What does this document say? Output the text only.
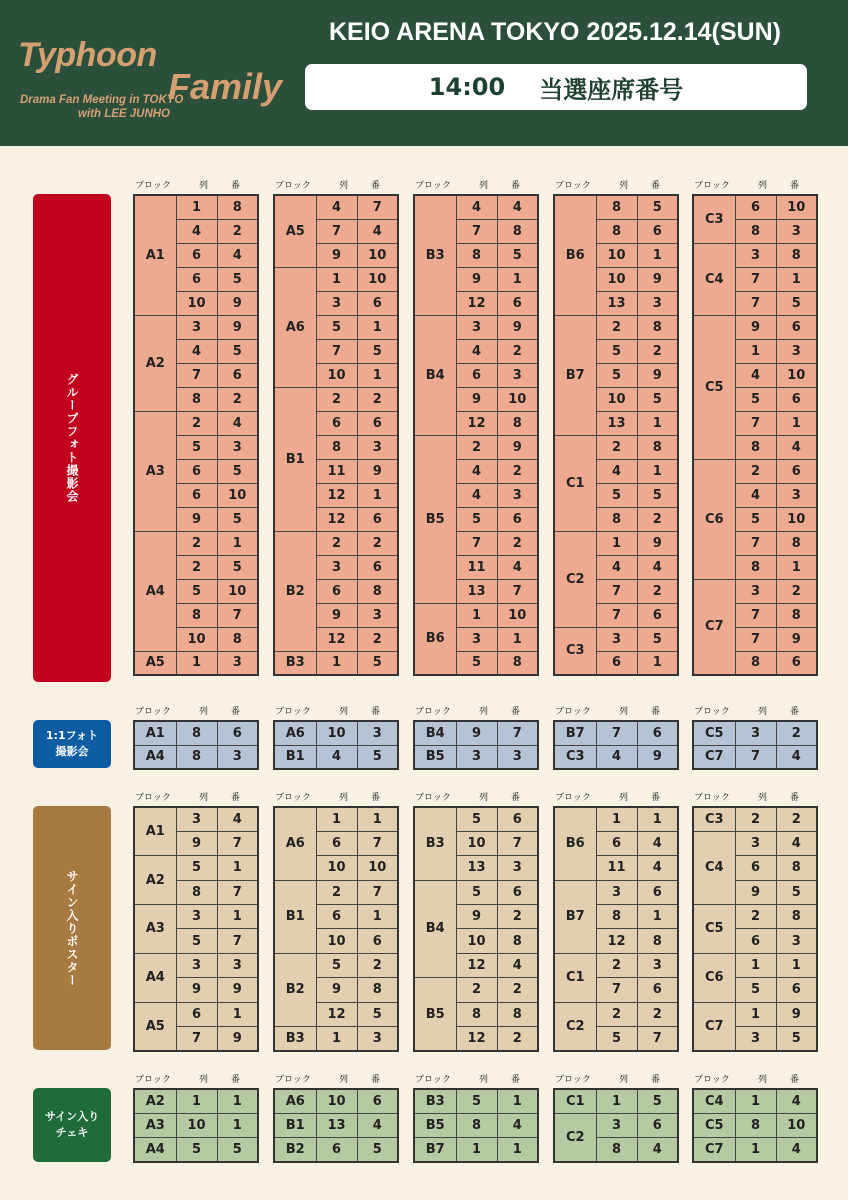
Typhoon
Family
Drama Fan Meeting in TOKYO
with LEE JUNHO
KEIO ARENA TOKYO 2025.12.14(SUN)
14:00 当選座席番号
グループフォト撮影会
ブロック	列	番
A1	1	8
	4	2
	6	4
	6	5
	10	9
A2	3	9
	4	5
	7	6
	8	2
A3	2	4
	5	3
	6	5
	6	10
	9	5
A4	2	1
	2	5
	5	10
	8	7
	10	8
A5	1	3
ブロック	列	番
A5	4	7
	7	4
	9	10
A6	1	10
	3	6
	5	1
	7	5
	10	1
B1	2	2
	6	6
	8	3
	11	9
	12	1
	12	6
B2	2	2
	3	6
	6	8
	9	3
	12	2
B3	1	5
ブロック	列	番
B3	4	4
	7	8
	8	5
	9	1
	12	6
B4	3	9
	4	2
	6	3
	9	10
	12	8
B5	2	9
	4	2
	4	3
	5	6
	7	2
	11	4
	13	7
B6	1	10
	3	1
	5	8
ブロック	列	番
B6	8	5
	8	6
	10	1
	10	9
	13	3
B7	2	8
	5	2
	5	9
	10	5
	13	1
C1	2	8
	4	1
	5	5
	8	2
C2	1	9
	4	4
	7	2
	7	6
C3	3	5
	6	1
ブロック	列	番
C3	6	10
	8	3
C4	3	8
	7	1
	7	5
C5	9	6
	1	3
	4	10
	5	6
	7	1
	8	4
C6	2	6
	4	3
	5	10
	7	8
	8	1
C7	3	2
	7	8
	7	9
	8	6
1:1フォト
撮影会
ブロック	列	番
A1	8	6
A4	8	3
ブロック	列	番
A6	10	3
B1	4	5
ブロック	列	番
B4	9	7
B5	3	3
ブロック	列	番
B7	7	6
C3	4	9
ブロック	列	番
C5	3	2
C7	7	4
サイン入りポスター
ブロック	列	番
A1	3	4
	9	7
A2	5	1
	8	7
A3	3	1
	5	7
A4	3	3
	9	9
A5	6	1
	7	9
ブロック	列	番
A6	1	1
	6	7
	10	10
B1	2	7
	6	1
	10	6
B2	5	2
	9	8
	12	5
B3	1	3
ブロック	列	番
B3	5	6
	10	7
	13	3
B4	5	6
	9	2
	10	8
	12	4
B5	2	2
	8	8
	12	2
ブロック	列	番
B6	1	1
	6	4
	11	4
B7	3	6
	8	1
	12	8
C1	2	3
	7	6
C2	2	2
	5	7
ブロック	列	番
C3	2	2
C4	3	4
	6	8
	9	5
C5	2	8
	6	3
C6	1	1
	5	6
C7	1	9
	3	5
サイン入り
チェキ
ブロック	列	番
A2	1	1
A3	10	1
A4	5	5
ブロック	列	番
A6	10	6
B1	13	4
B2	6	5
ブロック	列	番
B3	5	1
B5	8	4
B7	1	1
ブロック	列	番
C1	1	5
C2	3	6
	8	4
ブロック	列	番
C4	1	4
C5	8	10
C7	1	4
